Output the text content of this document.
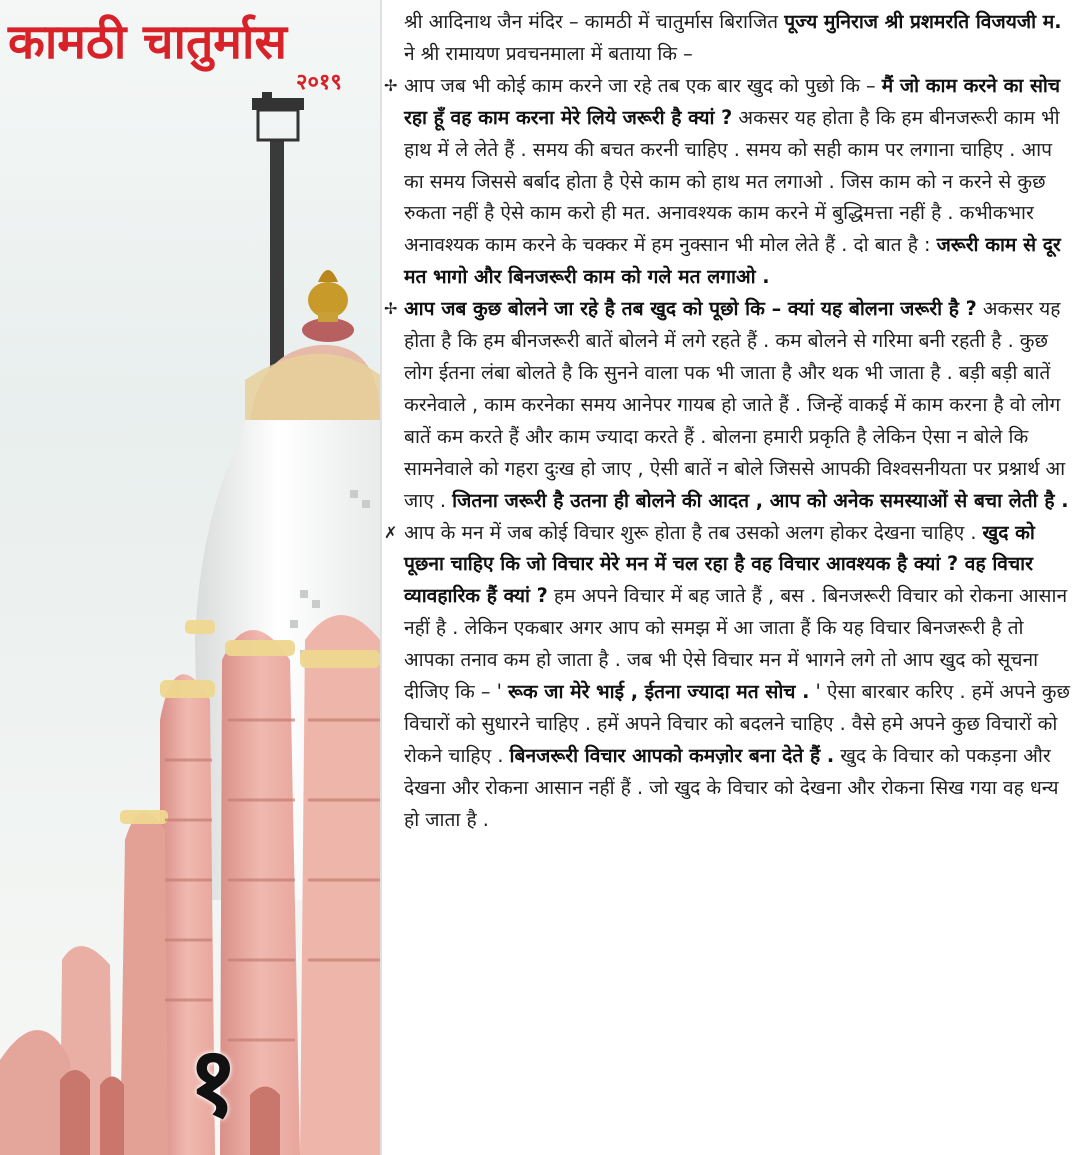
कामठी चातुर्मास
२०१९
१

श्री आदिनाथ जैन मंदिर – कामठी में चातुर्मास बिराजित पूज्य मुनिराज श्री प्रशमरति विजयजी म. ने श्री रामायण प्रवचनमाला में बताया कि –

✢ आप जब भी कोई काम करने जा रहे तब एक बार खुद को पुछो कि – मैं जो काम करने का सोच रहा हूँ वह काम करना मेरे लिये जरूरी है क्यां ? अकसर यह होता है कि हम बीनजरूरी काम भी हाथ में ले लेते हैं . समय की बचत करनी चाहिए . समय को सही काम पर लगाना चाहिए . आप का समय जिससे बर्बाद होता है ऐसे काम को हाथ मत लगाओ . जिस काम को न करने से कुछ रुकता नहीं है ऐसे काम करो ही मत. अनावश्यक काम करने में बुद्धिमत्ता नहीं है . कभीकभार अनावश्यक काम करने के चक्कर में हम नुक्सान भी मोल लेते हैं . दो बात है : जरूरी काम से दूर मत भागो और बिनजरूरी काम को गले मत लगाओ .

✢ आप जब कुछ बोलने जा रहे है तब खुद को पूछो कि – क्यां यह बोलना जरूरी है ? अकसर यह होता है कि हम बीनजरूरी बातें बोलने में लगे रहते हैं . कम बोलने से गरिमा बनी रहती है . कुछ लोग ईतना लंबा बोलते है कि सुनने वाला पक भी जाता है और थक भी जाता है . बड़ी बड़ी बातें करनेवाले , काम करनेका समय आनेपर गायब हो जाते हैं . जिन्हें वाकई में काम करना है वो लोग बातें कम करते हैं और काम ज्यादा करते हैं . बोलना हमारी प्रकृति है लेकिन ऐसा न बोले कि सामनेवाले को गहरा दुःख हो जाए , ऐसी बातें न बोले जिससे आपकी विश्वसनीयता पर प्रश्नार्थ आ जाए . जितना जरूरी है उतना ही बोलने की आदत , आप को अनेक समस्याओं से बचा लेती है .

✗ आप के मन में जब कोई विचार शुरू होता है तब उसको अलग होकर देखना चाहिए . खुद को पूछना चाहिए कि जो विचार मेरे मन में चल रहा है वह विचार आवश्यक है क्यां ? वह विचार व्यावहारिक हैं क्यां ? हम अपने विचार में बह जाते हैं , बस . बिनजरूरी विचार को रोकना आसान नहीं है . लेकिन एकबार अगर आप को समझ में आ जाता हैं कि यह विचार बिनजरूरी है तो आपका तनाव कम हो जाता है . जब भी ऐसे विचार मन में भागने लगे तो आप खुद को सूचना दीजिए कि – ' रूक जा मेरे भाई , ईतना ज्यादा मत सोच . ' ऐसा बारबार करिए . हमें अपने कुछ विचारों को सुधारने चाहिए . हमें अपने विचार को बदलने चाहिए . वैसे हमे अपने कुछ विचारों को रोकने चाहिए . बिनजरूरी विचार आपको कमज़ोर बना देते हैं . खुद के विचार को पकड़ना और देखना और रोकना आसान नहीं हैं . जो खुद के विचार को देखना और रोकना सिख गया वह धन्य हो जाता है .
